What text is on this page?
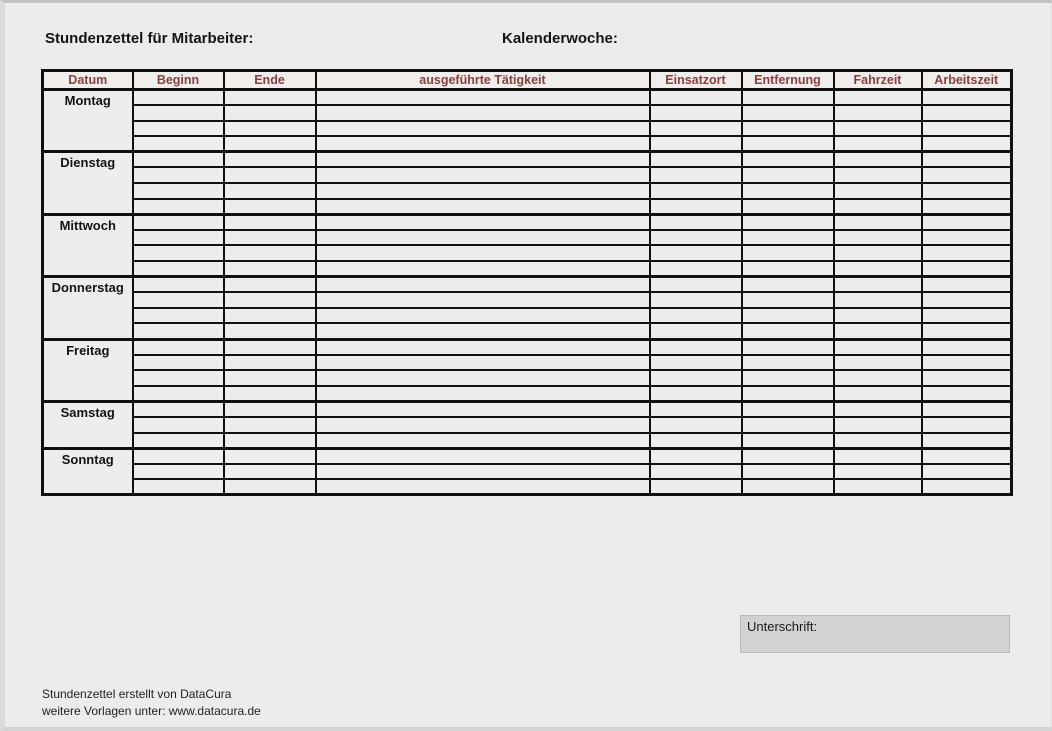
Stundenzettel für Mitarbeiter:	Kalenderwoche:
Datum	Beginn	Ende	ausgeführte Tätigkeit	Einsatzort	Entfernung	Fahrzeit	Arbeitszeit
Montag							

Dienstag							

Mittwoch							

Donnerstag							

Freitag							

Samstag							

Sonntag							

Unterschrift:
Stundenzettel erstellt von DataCura
weitere Vorlagen unter: www.datacura.de
